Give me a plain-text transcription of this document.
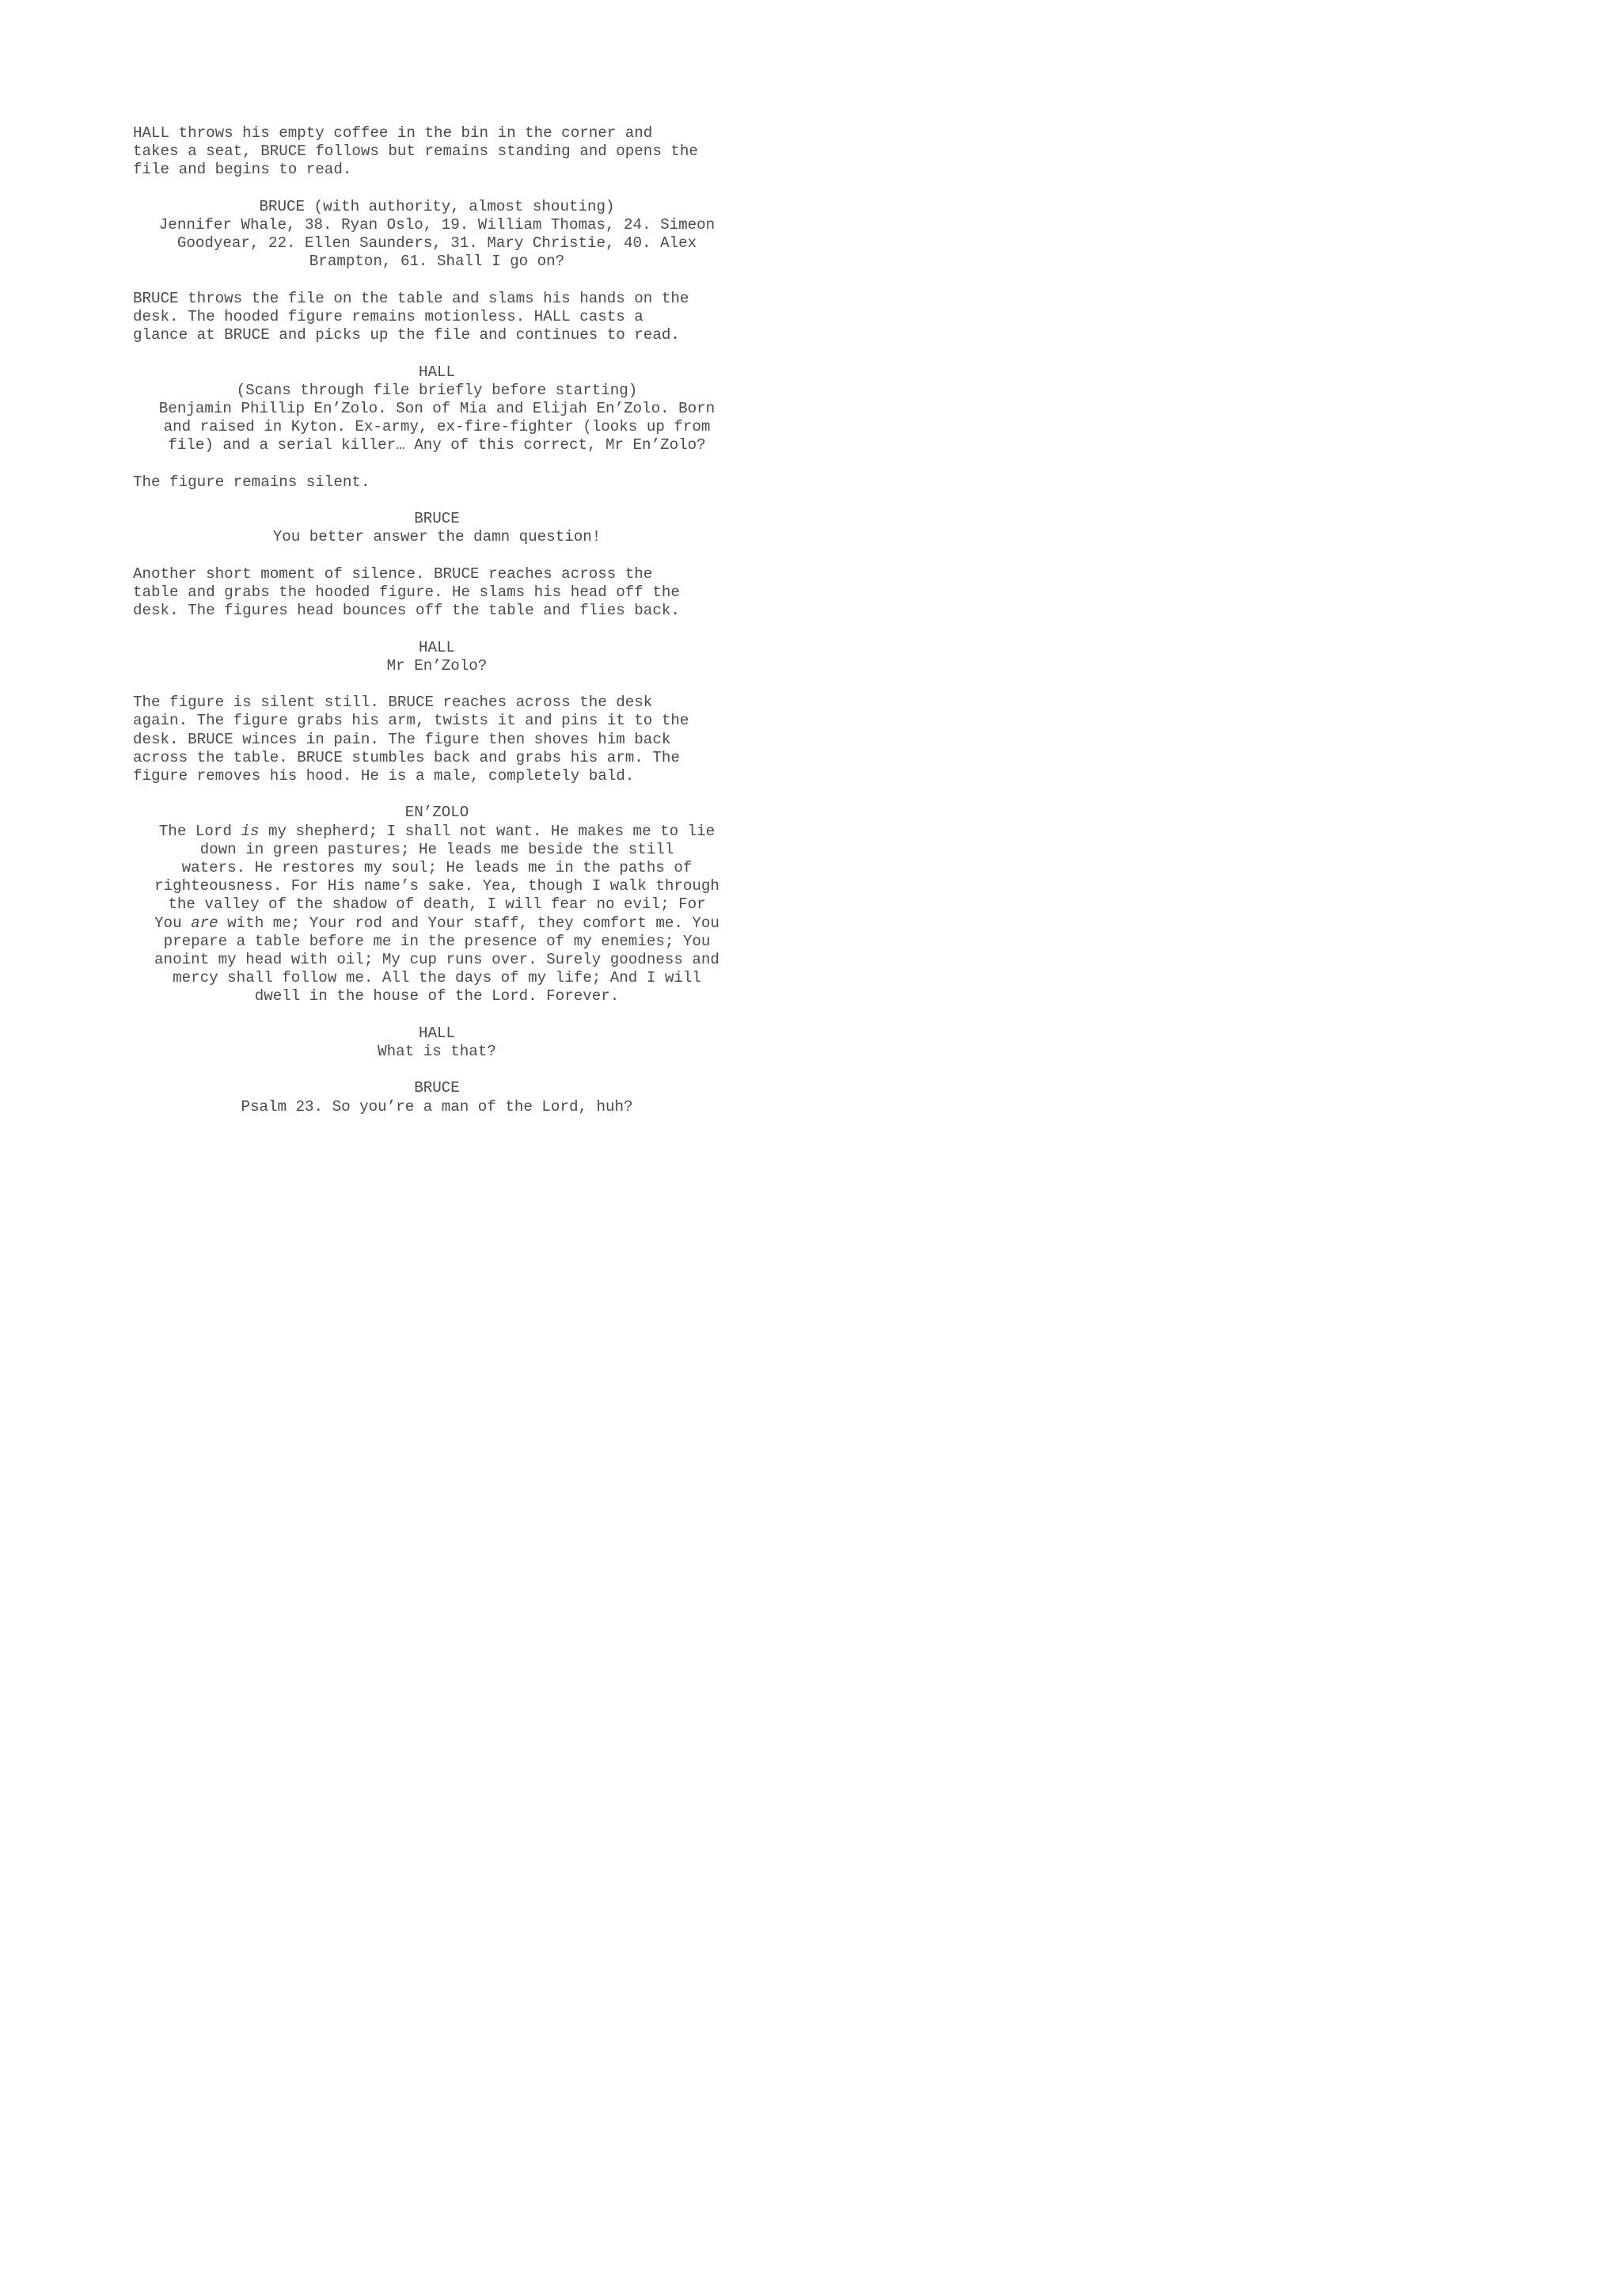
HALL throws his empty coffee in the bin in the corner and
takes a seat, BRUCE follows but remains standing and opens the
file and begins to read.
BRUCE (with authority, almost shouting)
Jennifer Whale, 38. Ryan Oslo, 19. William Thomas, 24. Simeon
Goodyear, 22. Ellen Saunders, 31. Mary Christie, 40. Alex
Brampton, 61. Shall I go on?
BRUCE throws the file on the table and slams his hands on the
desk. The hooded figure remains motionless. HALL casts a
glance at BRUCE and picks up the file and continues to read.
HALL
(Scans through file briefly before starting)
Benjamin Phillip En’Zolo. Son of Mia and Elijah En’Zolo. Born
and raised in Kyton. Ex-army, ex-fire-fighter (looks up from
file) and a serial killer… Any of this correct, Mr En’Zolo?
The figure remains silent.
BRUCE
You better answer the damn question!
Another short moment of silence. BRUCE reaches across the
table and grabs the hooded figure. He slams his head off the
desk. The figures head bounces off the table and flies back.
HALL
Mr En’Zolo?
The figure is silent still. BRUCE reaches across the desk
again. The figure grabs his arm, twists it and pins it to the
desk. BRUCE winces in pain. The figure then shoves him back
across the table. BRUCE stumbles back and grabs his arm. The
figure removes his hood. He is a male, completely bald.
EN’ZOLO
The Lord is my shepherd; I shall not want. He makes me to lie
down in green pastures; He leads me beside the still
waters. He restores my soul; He leads me in the paths of
righteousness. For His name’s sake. Yea, though I walk through
the valley of the shadow of death, I will fear no evil; For
You are with me; Your rod and Your staff, they comfort me. You
prepare a table before me in the presence of my enemies; You
anoint my head with oil; My cup runs over. Surely goodness and
mercy shall follow me. All the days of my life; And I will
dwell in the house of the Lord. Forever.
HALL
What is that?
BRUCE
Psalm 23. So you’re a man of the Lord, huh?
